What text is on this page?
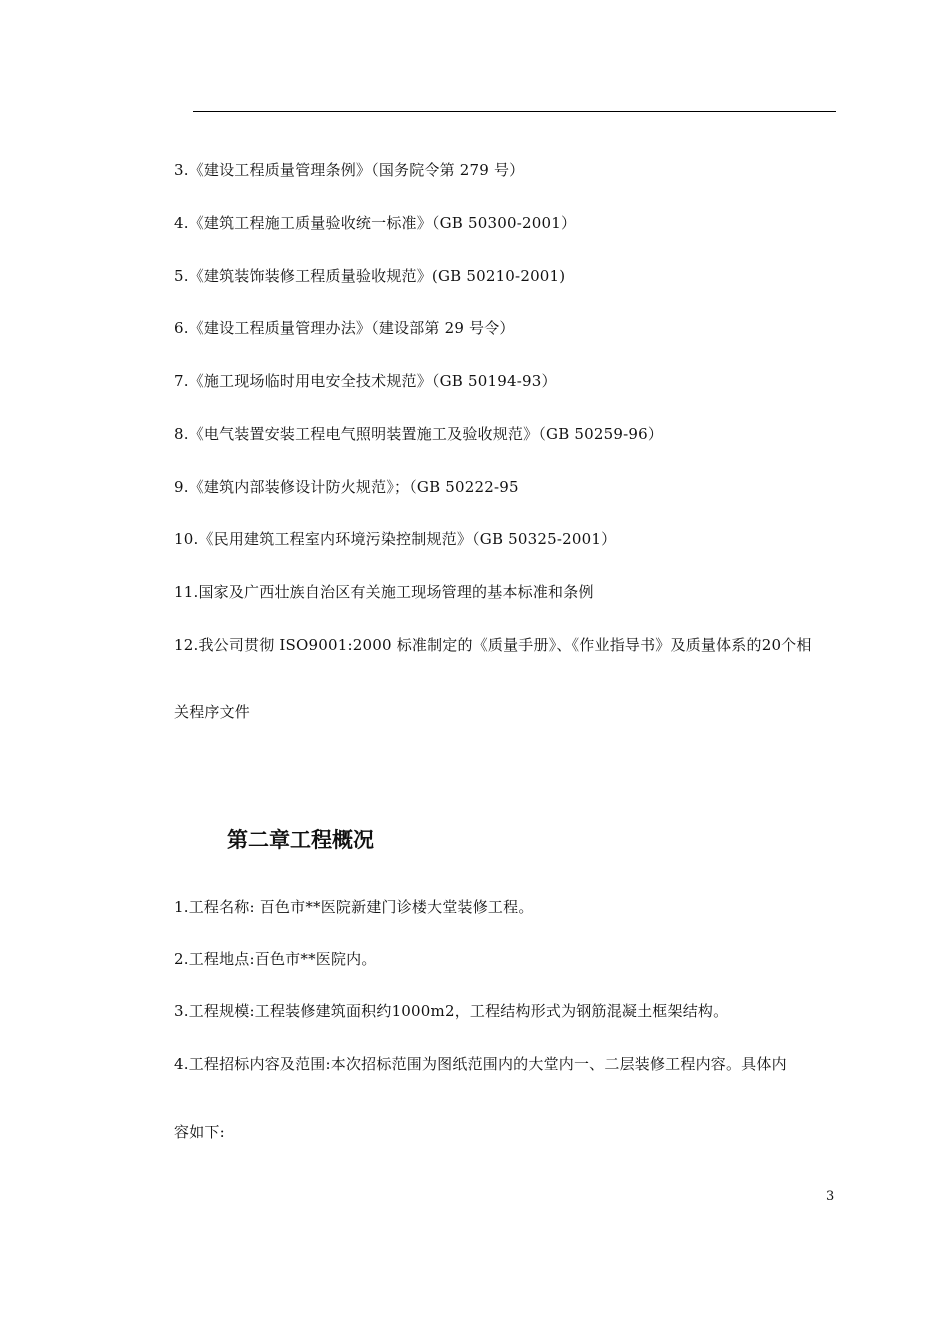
3.《建设工程质量管理条例》（国务院令第 279 号）
4.《建筑工程施工质量验收统一标准》（GB 50300-2001）
5.《建筑装饰装修工程质量验收规范》(GB 50210-2001)
6.《建设工程质量管理办法》（建设部第 29 号令）
7.《施工现场临时用电安全技术规范》（GB 50194-93）
8.《电气装置安装工程电气照明装置施工及验收规范》（GB 50259-96）
9.《建筑内部装修设计防火规范》；（GB 50222-95
10.《民用建筑工程室内环境污染控制规范》（GB 50325-2001）
11.国家及广西壮族自治区有关施工现场管理的基本标准和条例
12.我公司贯彻 ISO9001:2000 标准制定的《质量手册》、《作业指导书》及质量体系的20个相
关程序文件
第二章工程概况
1.工程名称: 百色市**医院新建门诊楼大堂装修工程。
2.工程地点:百色市**医院内。
3.工程规模:工程装修建筑面积约1000m2，工程结构形式为钢筋混凝土框架结构。
4.工程招标内容及范围:本次招标范围为图纸范围内的大堂内一、二层装修工程内容。具体内
容如下:
3
